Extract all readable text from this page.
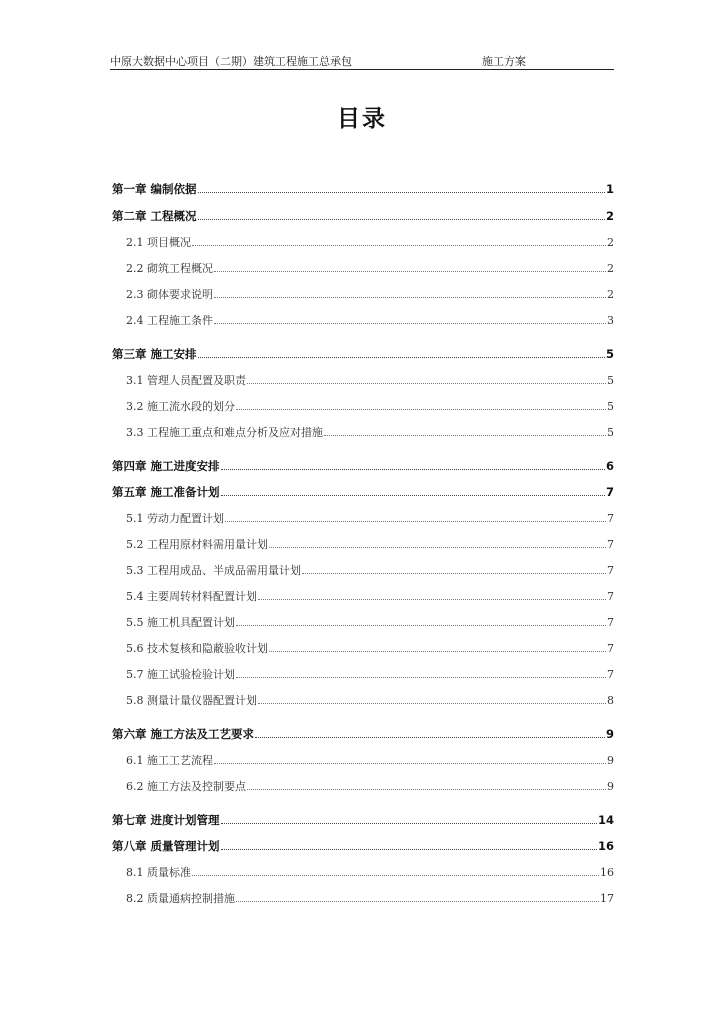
中原大数据中心项目（二期）建筑工程施工总承包	施工方案
目录
第一章 编制依据	1
第二章 工程概况	2
2.1 项目概况	2
2.2 砌筑工程概况	2
2.3 砌体要求说明	2
2.4 工程施工条件	3
第三章 施工安排	5
3.1 管理人员配置及职责	5
3.2 施工流水段的划分	5
3.3 工程施工重点和难点分析及应对措施	5
第四章 施工进度安排	6
第五章 施工准备计划	7
5.1 劳动力配置计划	7
5.2 工程用原材料需用量计划	7
5.3 工程用成品、半成品需用量计划	7
5.4 主要周转材料配置计划	7
5.5 施工机具配置计划	7
5.6 技术复核和隐蔽验收计划	7
5.7 施工试验检验计划	7
5.8 测量计量仪器配置计划	8
第六章 施工方法及工艺要求	9
6.1 施工工艺流程	9
6.2 施工方法及控制要点	9
第七章 进度计划管理	14
第八章 质量管理计划	16
8.1 质量标准	16
8.2 质量通病控制措施	17
